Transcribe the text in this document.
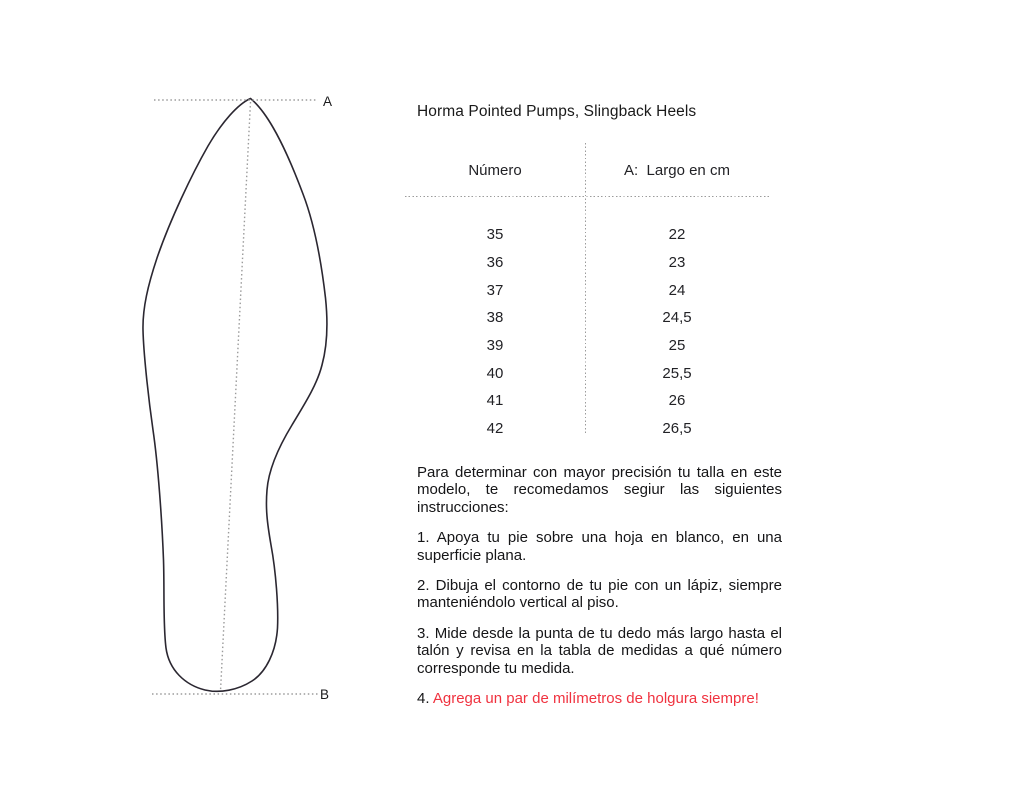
A
B
Horma Pointed Pumps, Slingback Heels
Número	A:  Largo en cm
35	22
36	23
37	24
38	24,5
39	25
40	25,5
41	26
42	26,5

Para determinar con mayor precisión tu talla en este modelo, te recomedamos segiur las siguientes instrucciones:

1. Apoya tu pie sobre una hoja en blanco, en una superficie plana.

2. Dibuja el contorno de tu pie con un lápiz, siempre manteniéndolo vertical al piso.

3. Mide desde la punta de tu dedo más largo hasta el talón y revisa en la tabla de medidas a qué número corresponde tu medida.

4. Agrega un par de milímetros de holgura siempre!
